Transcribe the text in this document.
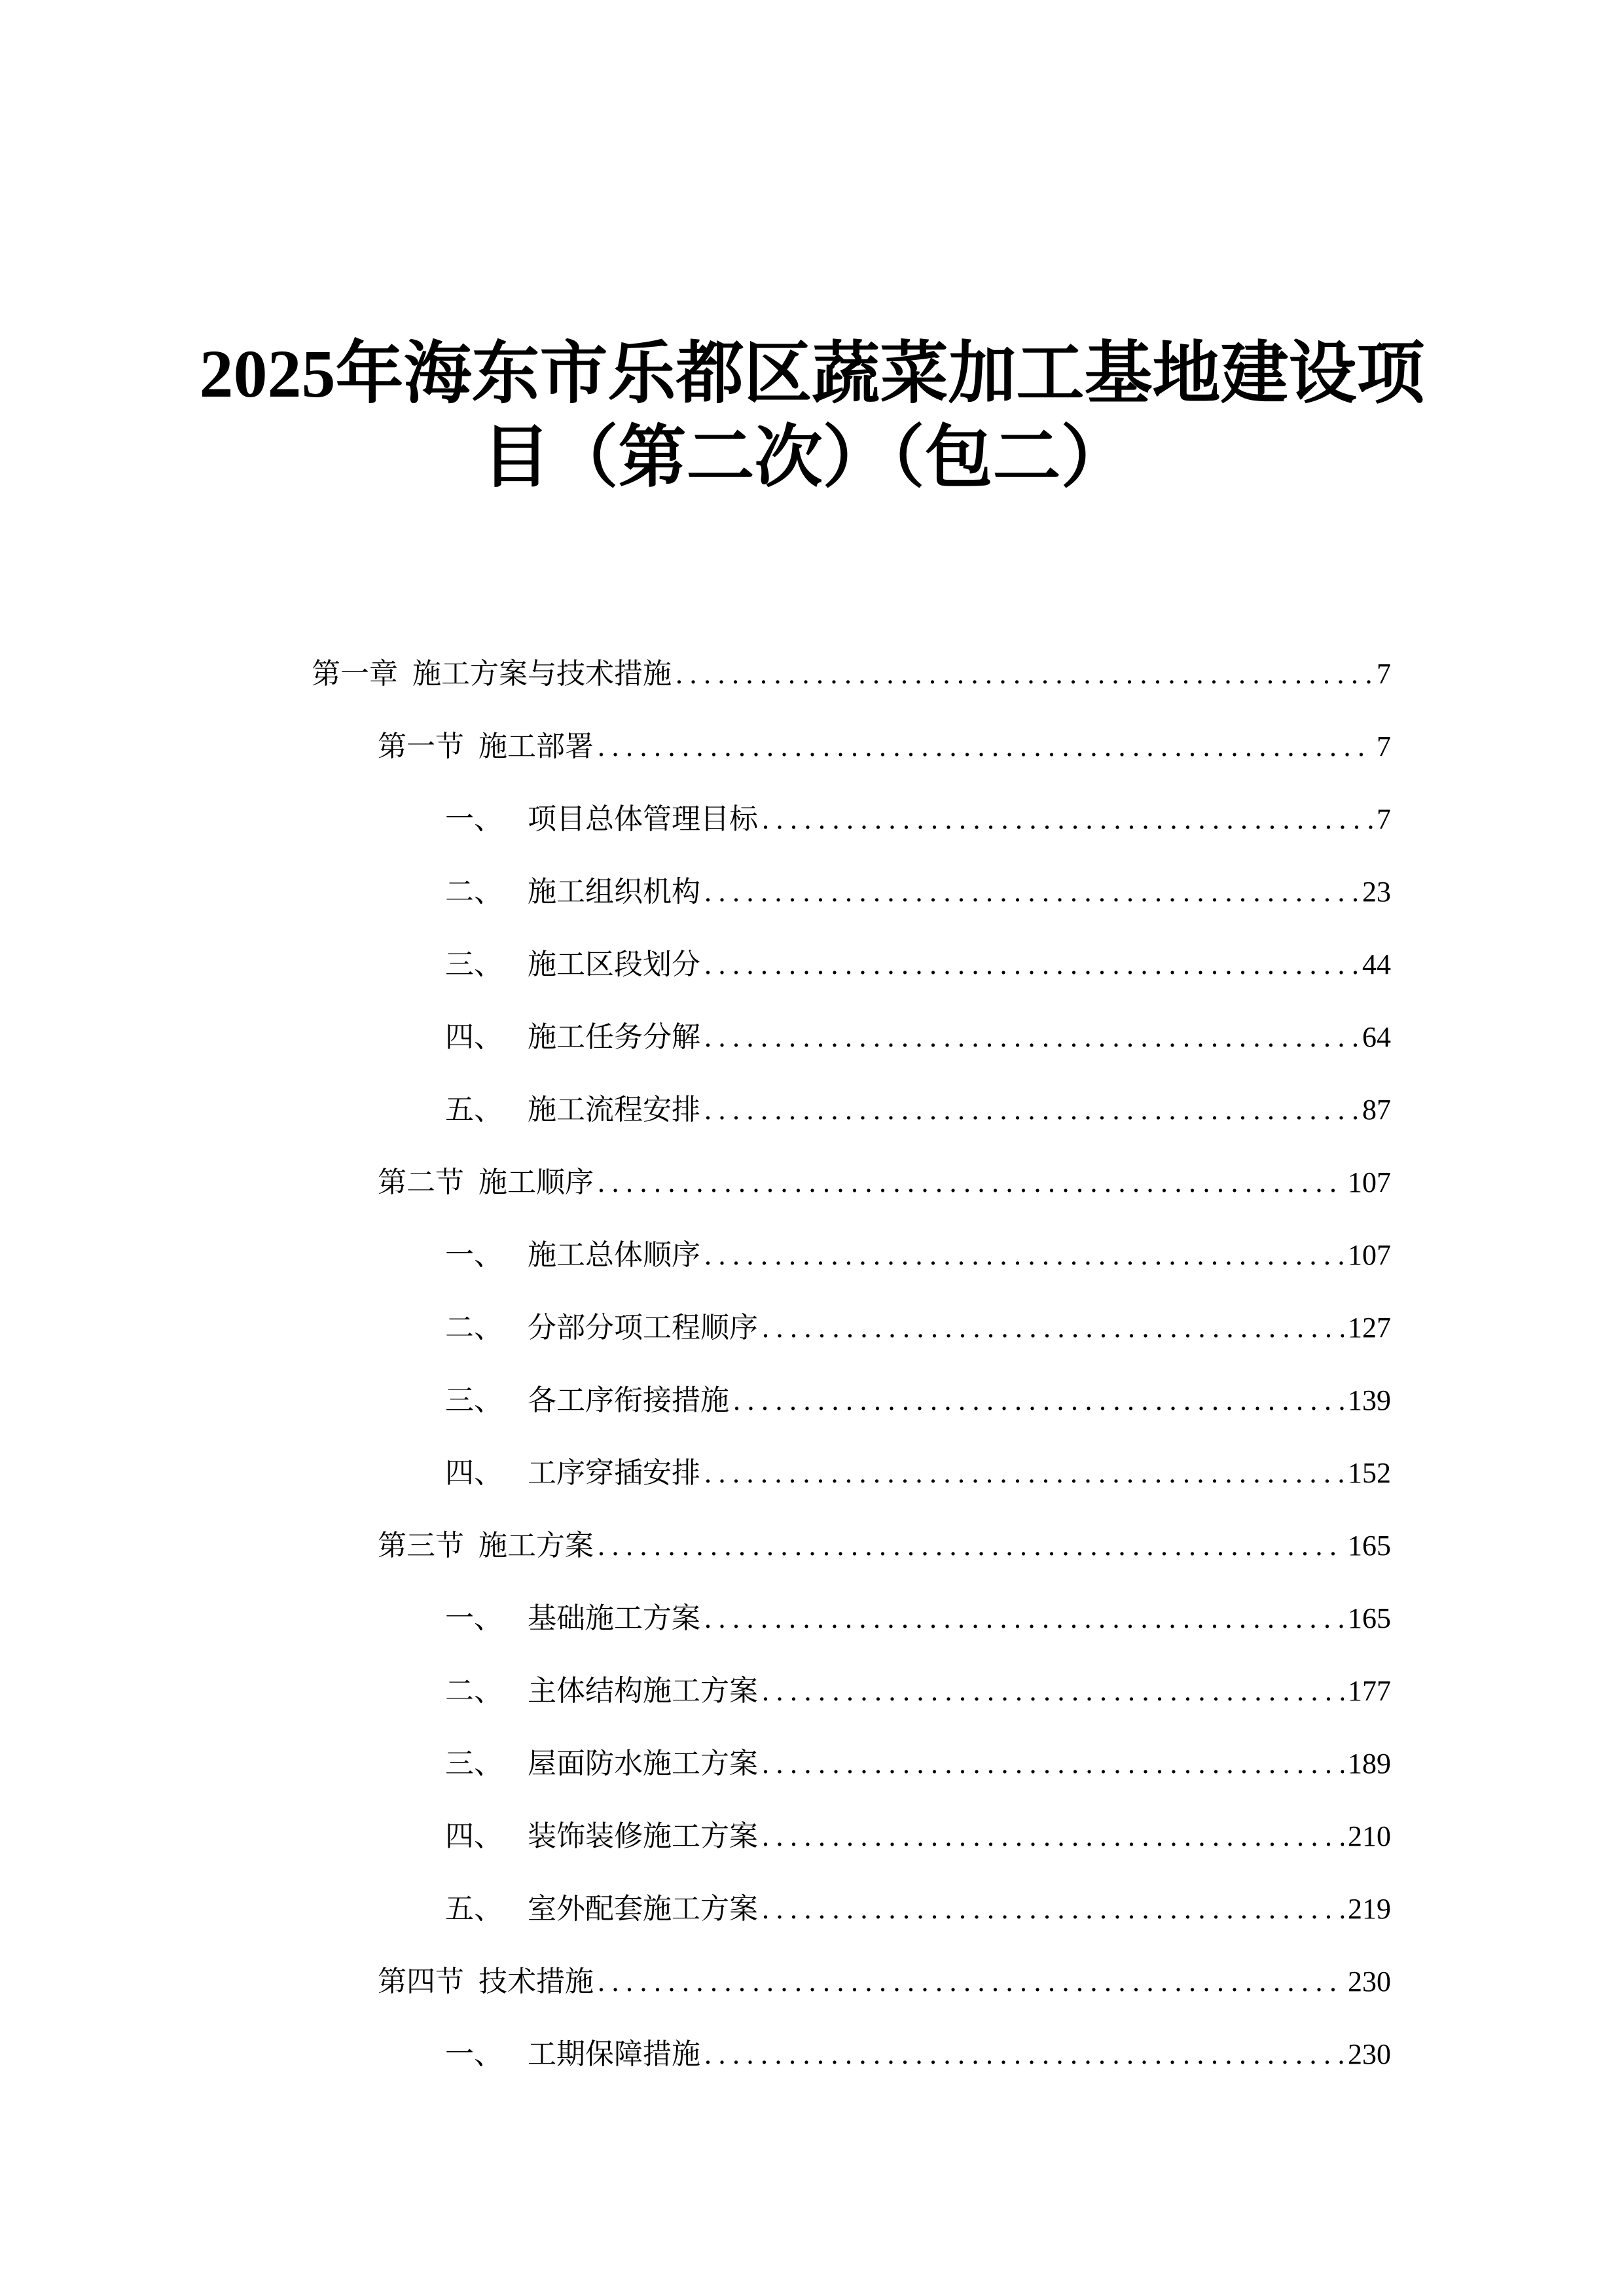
2025年海东市乐都区蔬菜加工基地建设项
目（第二次）（包二）
第一章 施工方案与技术措施 .....	7
第一节 施工部署 .....	7
一、 项目总体管理目标 .....	7
二、 施工组织机构 .....	23
三、 施工区段划分 .....	44
四、 施工任务分解 .....	64
五、 施工流程安排 .....	87
第二节 施工顺序 .....	107
一、 施工总体顺序 .....	107
二、 分部分项工程顺序 .....	127
三、 各工序衔接措施 .....	139
四、 工序穿插安排 .....	152
第三节 施工方案 .....	165
一、 基础施工方案 .....	165
二、 主体结构施工方案 .....	177
三、 屋面防水施工方案 .....	189
四、 装饰装修施工方案 .....	210
五、 室外配套施工方案 .....	219
第四节 技术措施 .....	230
一、 工期保障措施 .....	230
